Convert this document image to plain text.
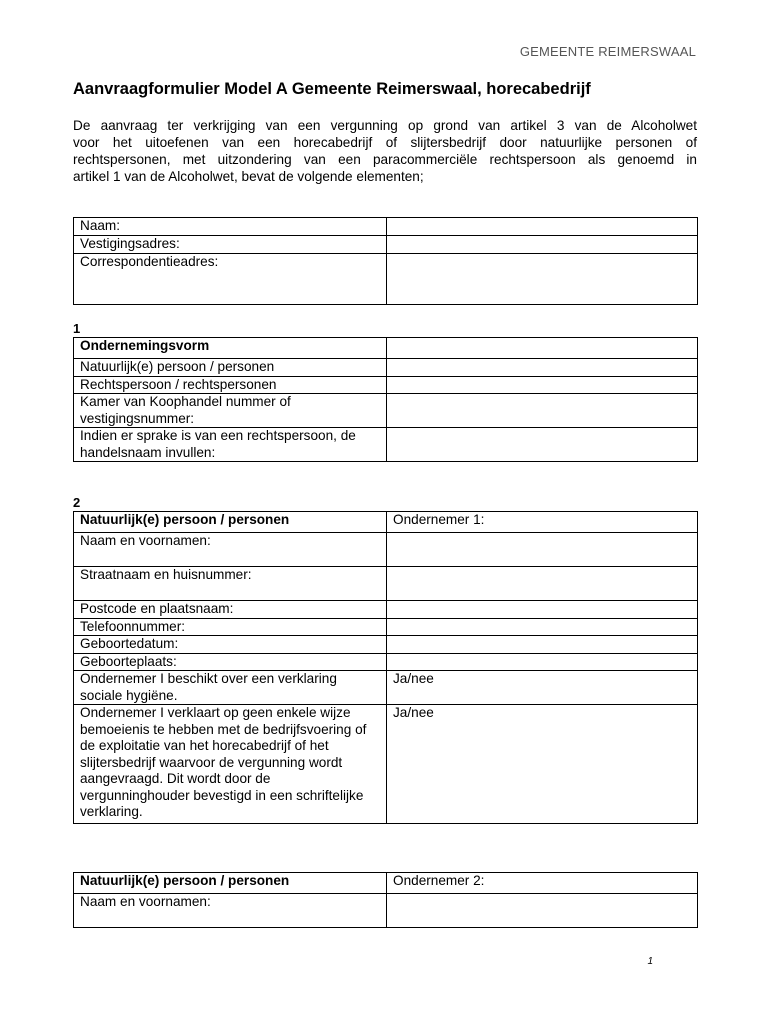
GEMEENTE REIMERSWAAL
Aanvraagformulier Model A Gemeente Reimerswaal, horecabedrijf
De aanvraag ter verkrijging van een vergunning op grond van artikel 3 van de Alcoholwet
voor het uitoefenen van een horecabedrijf of slijtersbedrijf door natuurlijke personen of
rechtspersonen, met uitzondering van een paracommerciële rechtspersoon als genoemd in
artikel 1 van de Alcoholwet, bevat de volgende elementen;
Naam:	
Vestigingsadres:	
Correspondentieadres:	
1
Ondernemingsvorm	
Natuurlijk(e) persoon / personen	
Rechtspersoon / rechtspersonen	
Kamer van Koophandel nummer of vestigingsnummer:	
Indien er sprake is van een rechtspersoon, de handelsnaam invullen:	
2
Natuurlijk(e) persoon / personen	Ondernemer 1:
Naam en voornamen:	
Straatnaam en huisnummer:	
Postcode en plaatsnaam:	
Telefoonnummer:	
Geboortedatum:	
Geboorteplaats:	
Ondernemer I beschikt over een verklaring sociale hygiëne.	Ja/nee
Ondernemer I verklaart op geen enkele wijze bemoeienis te hebben met de bedrijfsvoering of de exploitatie van het horecabedrijf of het slijtersbedrijf waarvoor de vergunning wordt aangevraagd. Dit wordt door de vergunninghouder bevestigd in een schriftelijke verklaring.	Ja/nee
Natuurlijk(e) persoon / personen	Ondernemer 2:
Naam en voornamen:	
1
